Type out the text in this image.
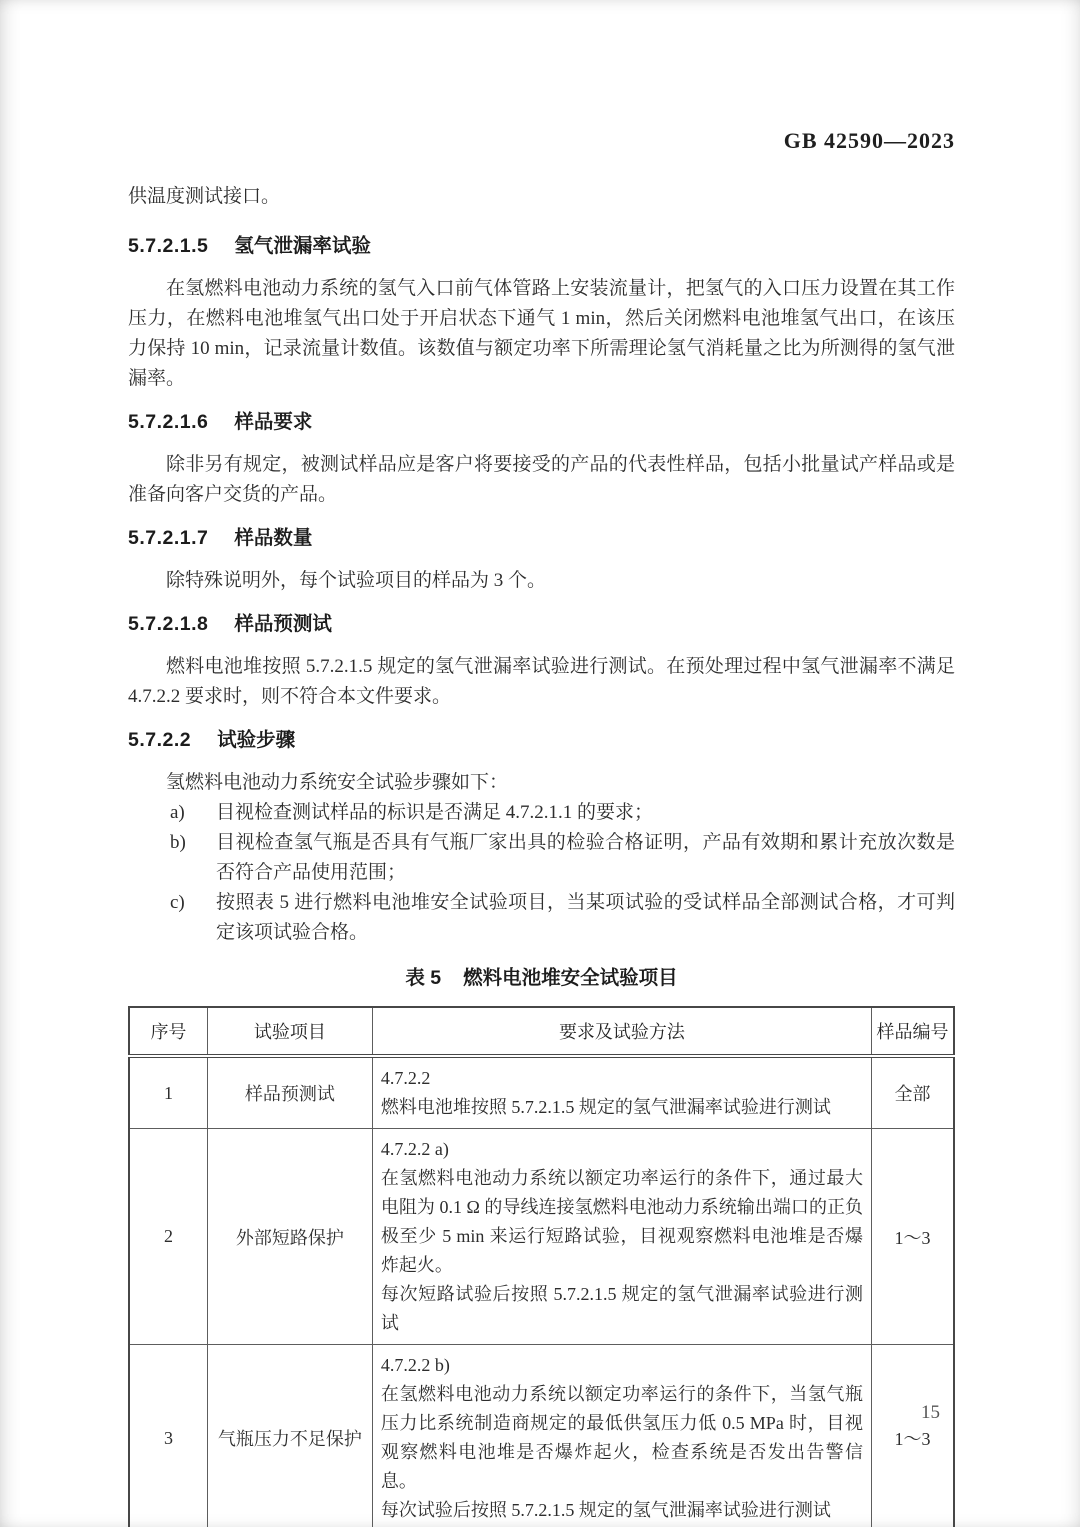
GB 42590—2023

供温度测试接口。

5.7.2.1.5 氢气泄漏率试验

在氢燃料电池动力系统的氢气入口前气体管路上安装流量计，把氢气的入口压力设置在其工作压力，在燃料电池堆氢气出口处于开启状态下通气 1 min，然后关闭燃料电池堆氢气出口，在该压力保持 10 min，记录流量计数值。该数值与额定功率下所需理论氢气消耗量之比为所测得的氢气泄漏率。

5.7.2.1.6 样品要求

除非另有规定，被测试样品应是客户将要接受的产品的代表性样品，包括小批量试产样品或是准备向客户交货的产品。

5.7.2.1.7 样品数量

除特殊说明外，每个试验项目的样品为 3 个。

5.7.2.1.8 样品预测试

燃料电池堆按照 5.7.2.1.5 规定的氢气泄漏率试验进行测试。在预处理过程中氢气泄漏率不满足 4.7.2.2 要求时，则不符合本文件要求。

5.7.2.2 试验步骤

氢燃料电池动力系统安全试验步骤如下：

a)	目视检查测试样品的标识是否满足 4.7.2.1.1 的要求；
b)	目视检查氢气瓶是否具有气瓶厂家出具的检验合格证明，产品有效期和累计充放次数是否符合产品使用范围；
c)	按照表 5 进行燃料电池堆安全试验项目，当某项试验的受试样品全部测试合格，才可判定该项试验合格。
表 5 燃料电池堆安全试验项目
序号	试验项目	要求及试验方法	样品编号
1	样品预测试	4.7.2.2
燃料电池堆按照 5.7.2.1.5 规定的氢气泄漏率试验进行测试	全部
2	外部短路保护	4.7.2.2 a)
在氢燃料电池动力系统以额定功率运行的条件下，通过最大电阻为 0.1 Ω 的导线连接氢燃料电池动力系统输出端口的正负极至少 5 min 来运行短路试验，目视观察燃料电池堆是否爆炸起火。
每次短路试验后按照 5.7.2.1.5 规定的氢气泄漏率试验进行测试	1～3
3	气瓶压力不足保护	4.7.2.2 b)
在氢燃料电池动力系统以额定功率运行的条件下，当氢气瓶压力比系统制造商规定的最低供氢压力低 0.5 MPa 时，目视观察燃料电池堆是否爆炸起火，检查系统是否发出告警信息。
每次试验后按照 5.7.2.1.5 规定的氢气泄漏率试验进行测试	1～3
15
